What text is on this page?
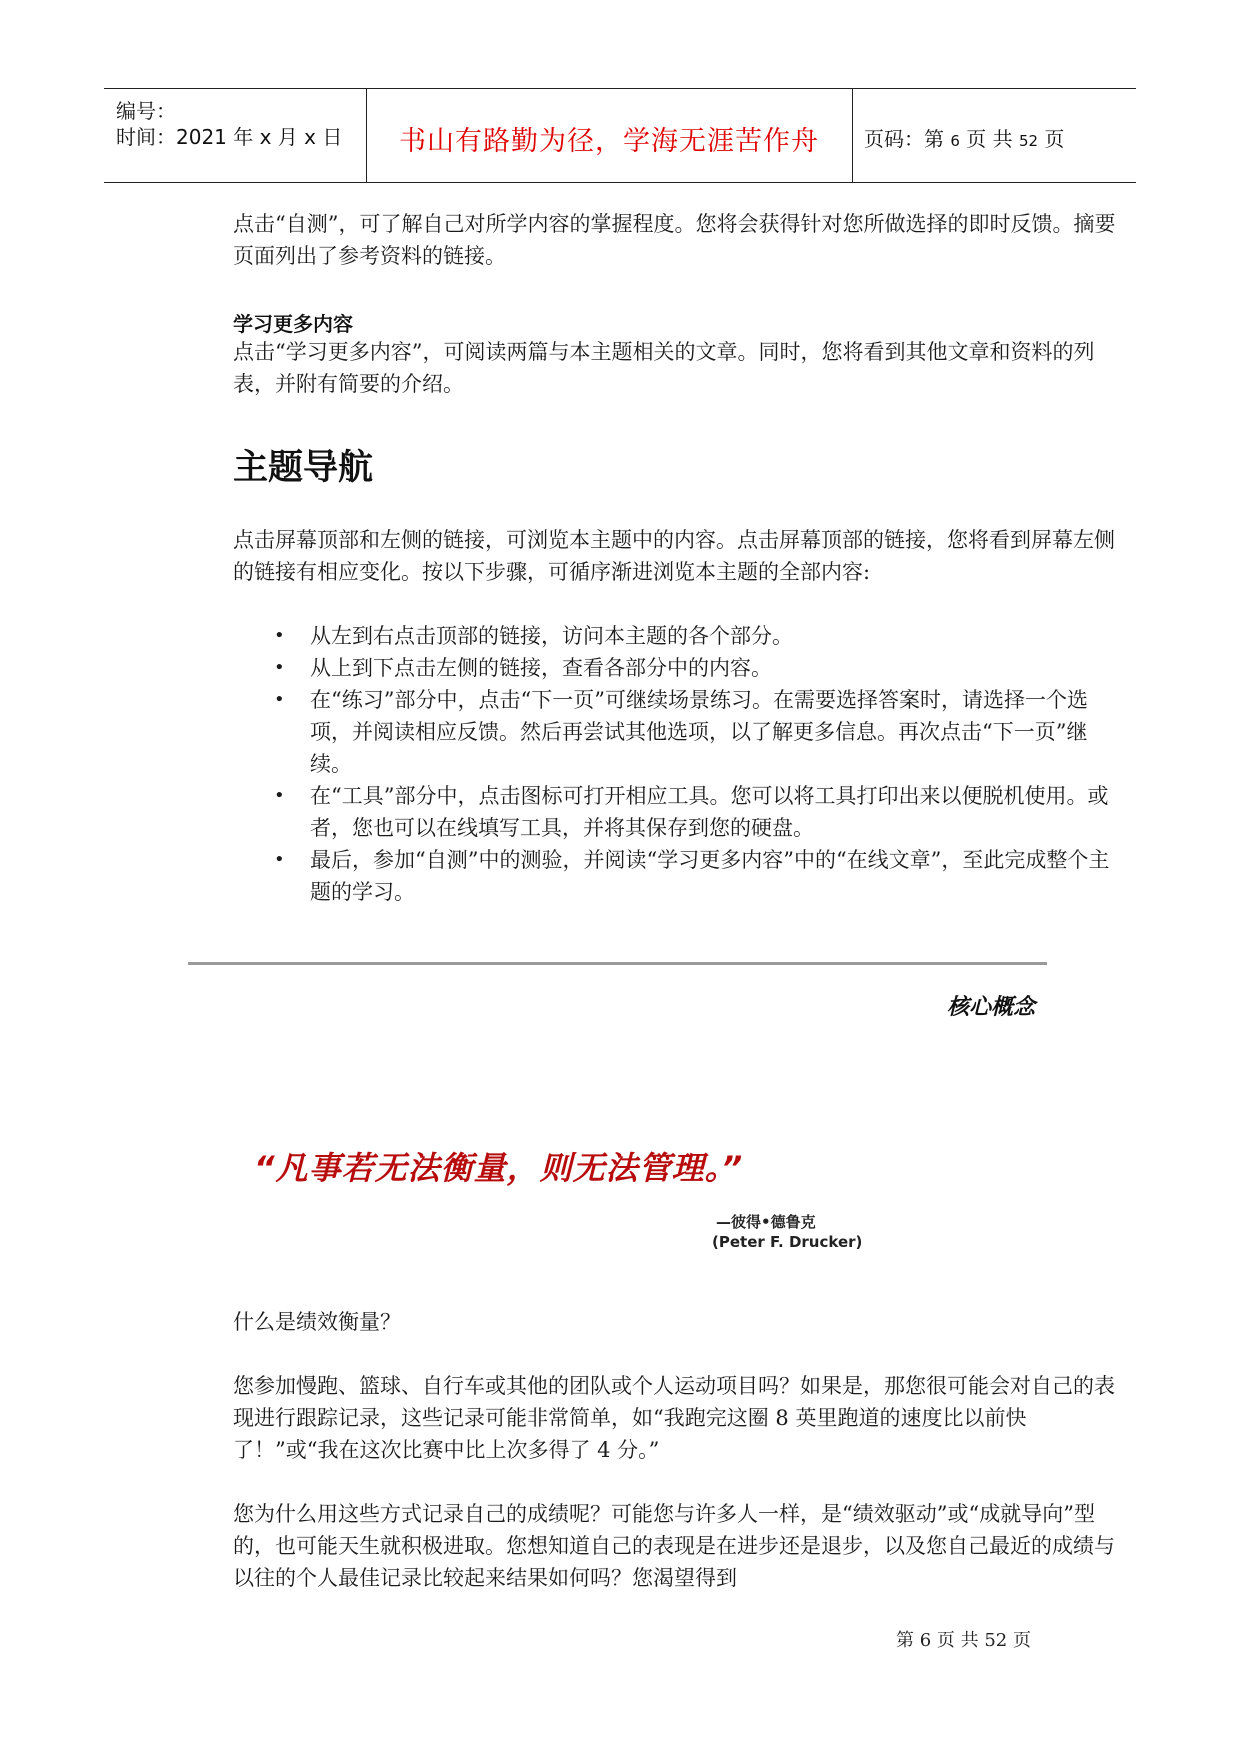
编号：
时间：2021 年 x 月 x 日	书山有路勤为径，学海无涯苦作舟	页码：第 6 页 共 52 页
点击“自测”，可了解自己对所学内容的掌握程度。您将会获得针对您所做选择的即时反馈。摘要页面列出了参考资料的链接。
学习更多内容
点击“学习更多内容”，可阅读两篇与本主题相关的文章。同时，您将看到其他文章和资料的列表，并附有简要的介绍。
主题导航
点击屏幕顶部和左侧的链接，可浏览本主题中的内容。点击屏幕顶部的链接，您将看到屏幕左侧的链接有相应变化。按以下步骤，可循序渐进浏览本主题的全部内容:
• 从左到右点击顶部的链接，访问本主题的各个部分。
• 从上到下点击左侧的链接，查看各部分中的内容。
• 在“练习”部分中，点击“下一页”可继续场景练习。在需要选择答案时，请选择一个选项，并阅读相应反馈。然后再尝试其他选项，以了解更多信息。再次点击“下一页”继续。
• 在“工具”部分中，点击图标可打开相应工具。您可以将工具打印出来以便脱机使用。或者，您也可以在线填写工具，并将其保存到您的硬盘。
• 最后，参加“自测”中的测验，并阅读“学习更多内容”中的“在线文章”，至此完成整个主题的学习。
核心概念
“凡事若无法衡量，则无法管理。”
—彼得•德鲁克
(Peter F. Drucker)
什么是绩效衡量？
您参加慢跑、篮球、自行车或其他的团队或个人运动项目吗？如果是，那您很可能会对自己的表现进行跟踪记录，这些记录可能非常简单，如“我跑完这圈 8 英里跑道的速度比以前快了！”或“我在这次比赛中比上次多得了 4 分。”
您为什么用这些方式记录自己的成绩呢？可能您与许多人一样，是“绩效驱动”或“成就导向”型的，也可能天生就积极进取。您想知道自己的表现是在进步还是退步，以及您自己最近的成绩与以往的个人最佳记录比较起来结果如何吗？您渴望得到
第 6 页 共 52 页
